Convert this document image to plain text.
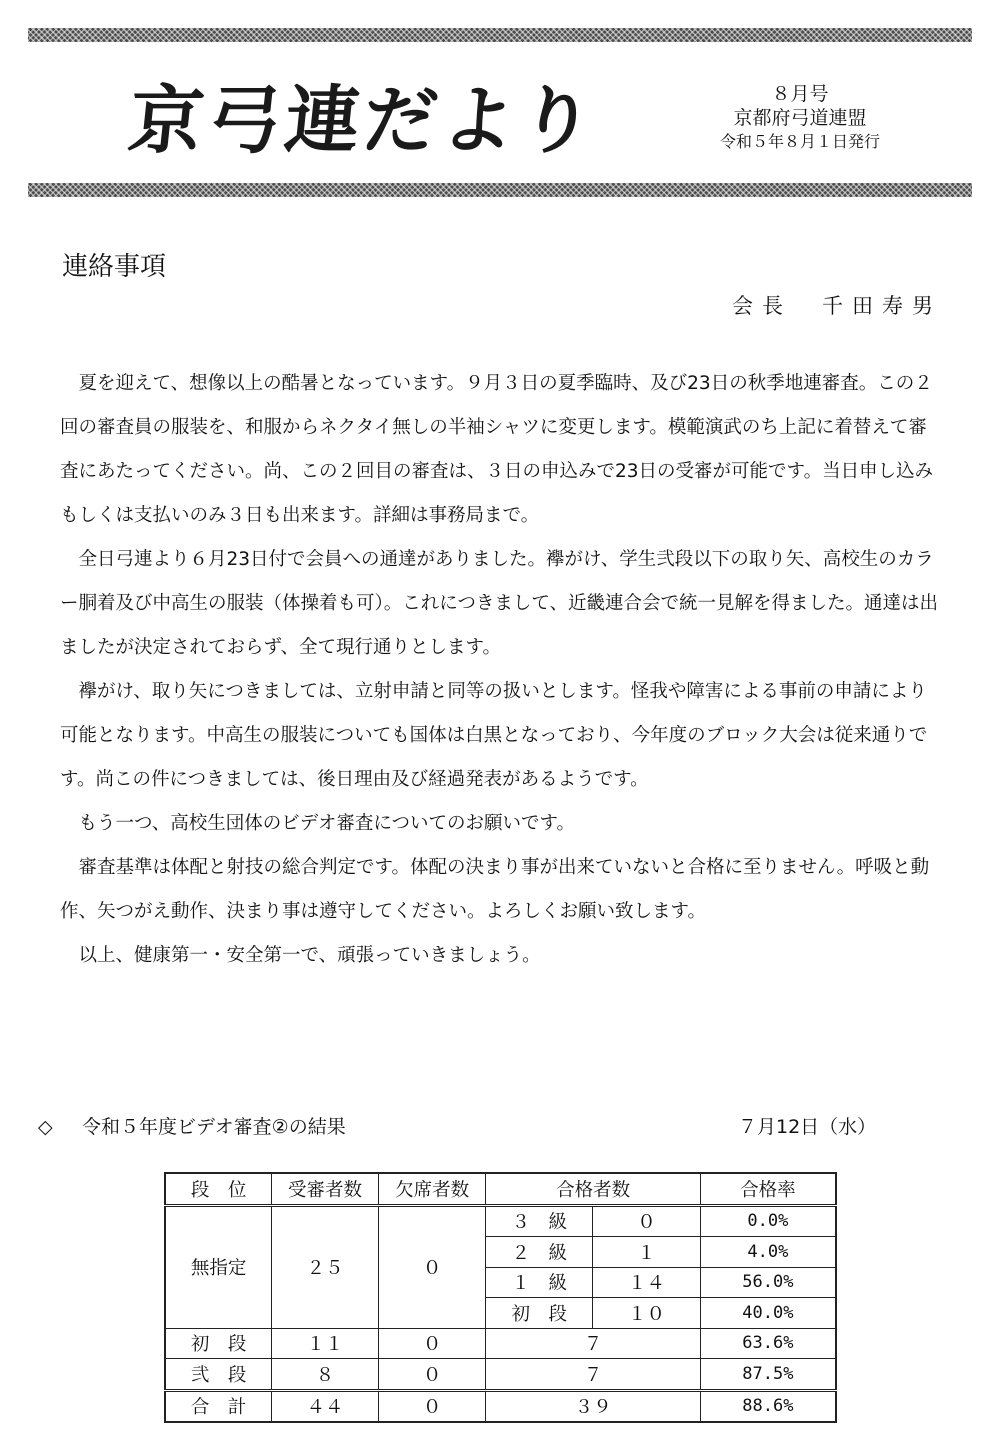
京弓連だより	８月号
京都府弓道連盟
令和５年８月１日発行
連絡事項
会長　千田寿男

夏を迎えて、想像以上の酷暑となっています。９月３日の夏季臨時、及び23日の秋季地連審査。この２回の審査員の服装を、和服からネクタイ無しの半袖シャツに変更します。模範演武のち上記に着替えて審査にあたってください。尚、この２回目の審査は、３日の申込みで23日の受審が可能です。当日申し込みもしくは支払いのみ３日も出来ます。詳細は事務局まで。

全日弓連より６月23日付で会員への通達がありました。襷がけ、学生弐段以下の取り矢、高校生のカラー胴着及び中高生の服装（体操着も可）。これにつきまして、近畿連合会で統一見解を得ました。通達は出ましたが決定されておらず、全て現行通りとします。

襷がけ、取り矢につきましては、立射申請と同等の扱いとします。怪我や障害による事前の申請により可能となります。中高生の服装についても国体は白黒となっており、今年度のブロック大会は従来通りです。尚この件につきましては、後日理由及び経過発表があるようです。

もう一つ、高校生団体のビデオ審査についてのお願いです。

審査基準は体配と射技の総合判定です。体配の決まり事が出来ていないと合格に至りません。呼吸と動作、矢つがえ動作、決まり事は遵守してください。よろしくお願い致します。

以上、健康第一・安全第一で、頑張っていきましょう。

◇ 令和５年度ビデオ審査②の結果	７月12日（水）
段　位	受審者数	欠席者数	合格者数		合格率
無指定	２５	０	３　級	０	0.0%
			２　級	１	4.0%
			１　級	１４	56.0%
			初　段	１０	40.0%
初　段	１１	０	７		63.6%
弐　段	８	０	７		87.5%
合　計	４４	０	３９		88.6%
